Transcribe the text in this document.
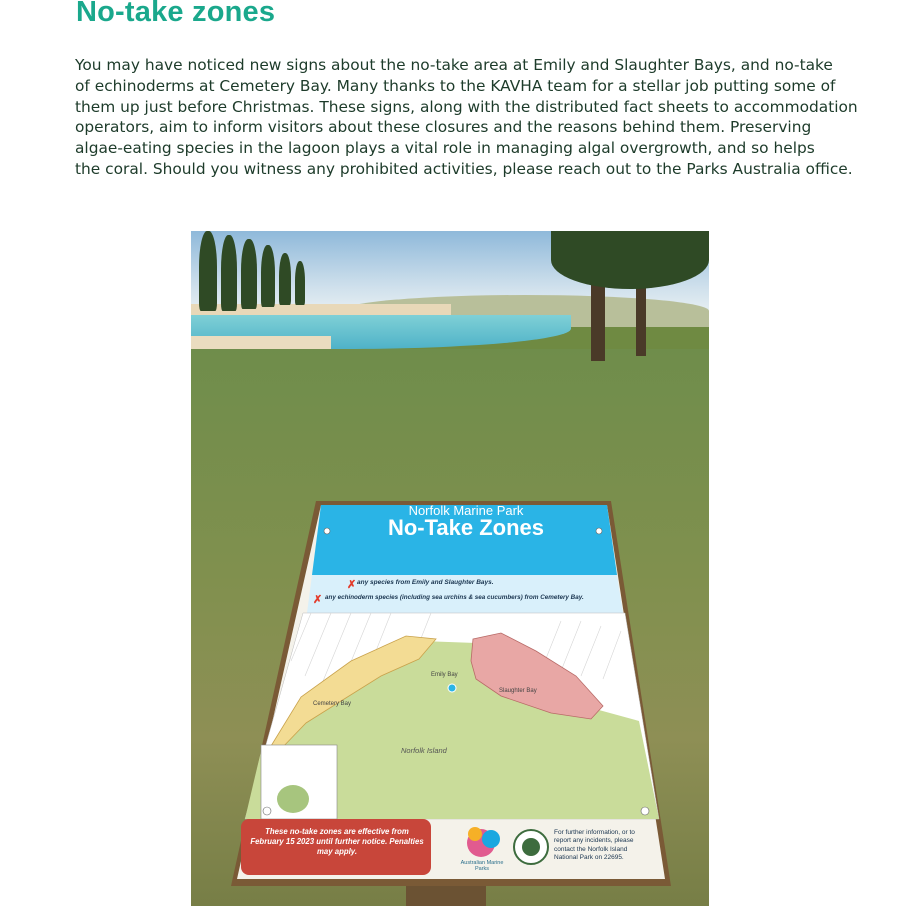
No-take zones

You may have noticed new signs about the no-take area at Emily and Slaughter Bays, and no-take
of echinoderms at Cemetery Bay. Many thanks to the KAVHA team for a stellar job putting some of
them up just before Christmas. These signs, along with the distributed fact sheets to accommodation
operators, aim to inform visitors about these closures and the reasons behind them. Preserving
algae-eating species in the lagoon plays a vital role in managing algal overgrowth, and so helps
the coral. Should you witness any prohibited activities, please reach out to the Parks Australia office.

✗
✗
Norfolk Marine Park
No-Take Zones
any species from Emily and Slaughter Bays.
any echinoderm species (including sea urchins & sea cucumbers) from Cemetery Bay.
Cemetery Bay
Emily Bay
Slaughter Bay
Norfolk Island
These no-take zones are effective from February 15 2023 until further notice. Penalties may apply.
Australian Marine Parks
For further information, or to report any incidents, please contact the Norfolk Island National Park on 22695.
